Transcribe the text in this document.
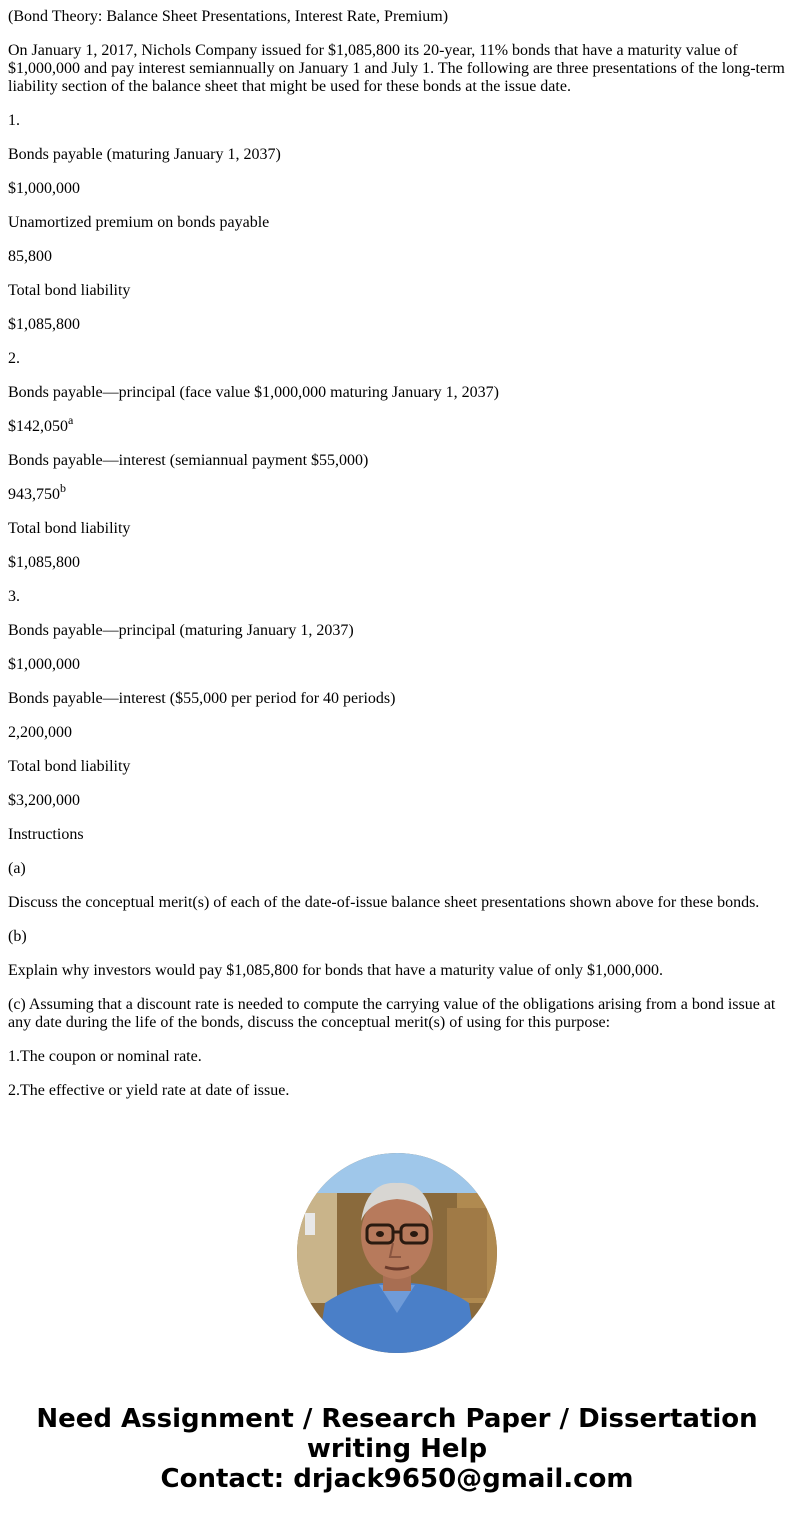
(Bond Theory: Balance Sheet Presentations, Interest Rate, Premium)

On January 1, 2017, Nichols Company issued for $1,085,800 its 20-year, 11% bonds that have a maturity value of $1,000,000 and pay interest semiannually on January 1 and July 1. The following are three presentations of the long-term liability section of the balance sheet that might be used for these bonds at the issue date.

1.

Bonds payable (maturing January 1, 2037)

$1,000,000

Unamortized premium on bonds payable

85,800

Total bond liability

$1,085,800

2.

Bonds payable—principal (face value $1,000,000 maturing January 1, 2037)

$142,050$^a$

Bonds payable—interest (semiannual payment $55,000)

943,750$^b$

Total bond liability

$1,085,800

3.

Bonds payable—principal (maturing January 1, 2037)

$1,000,000

Bonds payable—interest ($55,000 per period for 40 periods)

2,200,000

Total bond liability

$3,200,000

Instructions

(a)

Discuss the conceptual merit(s) of each of the date-of-issue balance sheet presentations shown above for these bonds.

(b)

Explain why investors would pay $1,085,800 for bonds that have a maturity value of only $1,000,000.

(c) Assuming that a discount rate is needed to compute the carrying value of the obligations arising from a bond issue at any date during the life of the bonds, discuss the conceptual merit(s) of using for this purpose:

1.The coupon or nominal rate.

2.The effective or yield rate at date of issue.

Need Assignment / Research Paper / Dissertation
writing Help
Contact: drjack9650@gmail.com
